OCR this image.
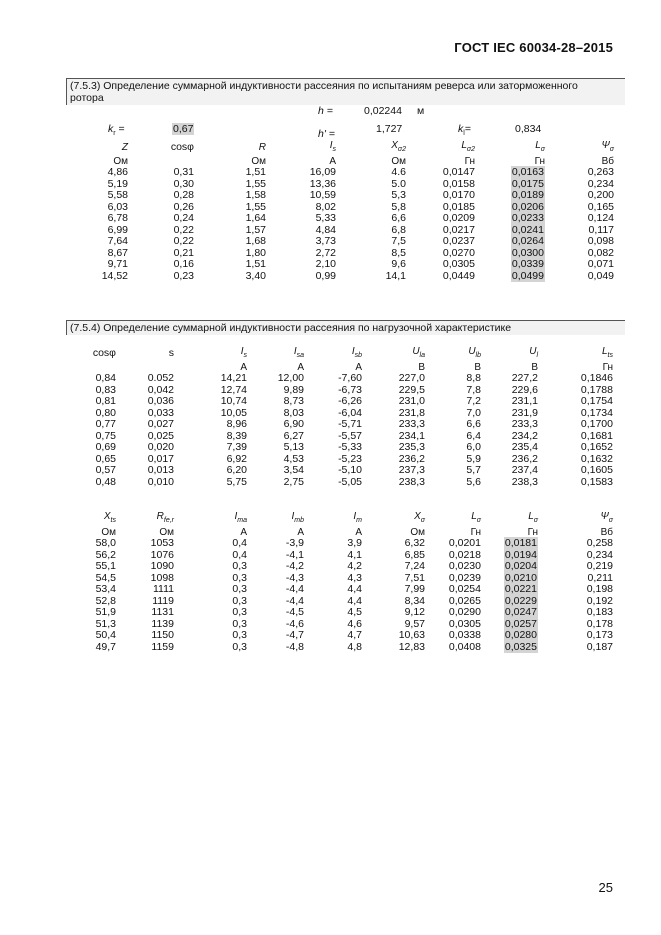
ГОСТ IEC 60034-28–2015
(7.5.3) Определение суммарной индуктивности рассеяния по испытаниям реверса или заторможенного
ротора
h =	0,02244 м
$k_r$ =	0,67	h' =	1,727	$k_l=$	0,834
Z	cosφ	R	$I_s$	$X_{\sigma 2}$	$L_{\sigma 2}$	$L_\sigma$	$\Psi_\sigma$
Ом		Ом	A	Ом	Гн	Гн	Вб
4,86	0,31	1,51	16,09	4.6	0,0147	0,0163	0,263
5,19	0,30	1,55	13,36	5.0	0,0158	0,0175	0,234
5,58	0,28	1,58	10,59	5,3	0,0170	0,0189	0,200
6,03	0,26	1,55	8,02	5,8	0,0185	0,0206	0,165
6,78	0,24	1,64	5,33	6,6	0,0209	0,0233	0,124
6,99	0,22	1,57	4,84	6,8	0,0217	0,0241	0,117
7,64	0,22	1,68	3,73	7,5	0,0237	0,0264	0,098
8,67	0,21	1,80	2,72	8,5	0,0270	0,0300	0,082
9,71	0,16	1,51	2,10	9,6	0,0305	0,0339	0,071
14,52	0,23	3,40	0,99	14,1	0,0449	0,0499	0,049
(7.5.4) Определение суммарной индуктивности рассеяния по нагрузочной характеристике
cosφ	s	$I_s$	$I_{sa}$	$I_{sb}$	$U_{la}$	$U_{lb}$	$U_l$	$L_{ts}$
		A	A	A	B	B	B	Гн
0,84	0.052	14,21	12,00	-7,60	227,0	8,8	227,2	0,1846
0,83	0,042	12,74	9,89	-6,73	229,5	7,8	229,6	0,1788
0,81	0,036	10,74	8,73	-6,26	231,0	7,2	231,1	0,1754
0,80	0,033	10,05	8,03	-6,04	231,8	7,0	231,9	0,1734
0,77	0,027	8,96	6,90	-5,71	233,3	6,6	233,3	0,1700
0,75	0,025	8,39	6,27	-5,57	234,1	6,4	234,2	0,1681
0,69	0,020	7,39	5,13	-5,33	235,3	6,0	235,4	0,1652
0,65	0,017	6,92	4,53	-5,23	236,2	5,9	236,2	0,1632
0,57	0,013	6,20	3,54	-5,10	237,3	5,7	237,4	0,1605
0,48	0,010	5,75	2,75	-5,05	238,3	5,6	238,3	0,1583
$X_{ts}$	$R_{fe,r}$	$I_{ma}$	$I_{mb}$	$I_m$	$X_\sigma$	$L_\sigma$	$L_\sigma$	$\Psi_\sigma$
Ом	Ом	A	A	A	Ом	Гн	Гн	Вб
58,0	1053	0,4	-3,9	3,9	6,32	0,0201	0,0181	0,258
56,2	1076	0,4	-4,1	4,1	6,85	0,0218	0,0194	0,234
55,1	1090	0,3	-4,2	4,2	7,24	0,0230	0,0204	0,219
54,5	1098	0,3	-4,3	4,3	7,51	0,0239	0,0210	0,211
53,4	1111	0,3	-4,4	4,4	7,99	0,0254	0,0221	0,198
52,8	1119	0,3	-4,4	4,4	8,34	0,0265	0,0229	0,192
51,9	1131	0,3	-4,5	4,5	9,12	0,0290	0,0247	0,183
51,3	1139	0,3	-4,6	4,6	9,57	0,0305	0,0257	0,178
50,4	1150	0,3	-4,7	4,7	10,63	0,0338	0,0280	0,173
49,7	1159	0,3	-4,8	4,8	12,83	0,0408	0,0325	0,187
25
